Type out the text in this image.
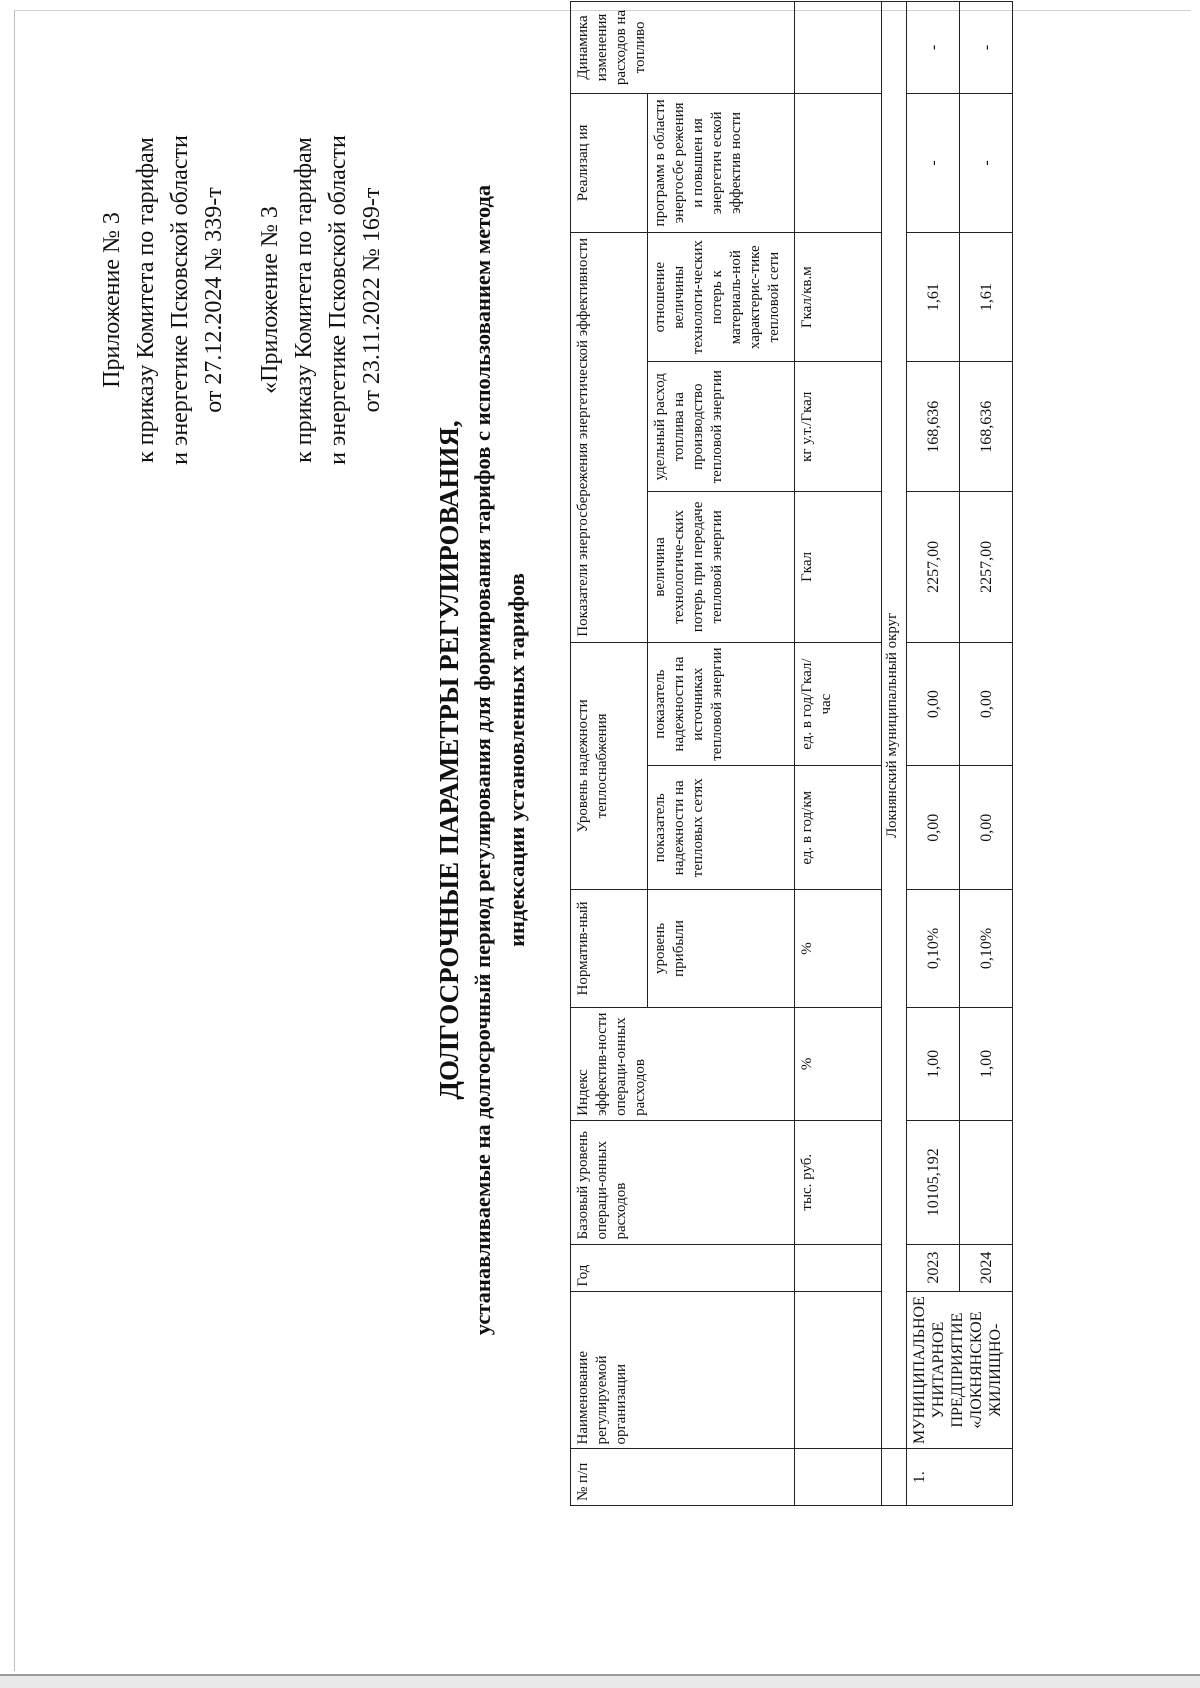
Приложение № 3 к приказу Комитета по тарифам и энергетике Псковской области от 27.12.2024 № 339-т «Приложение № 3 к приказу Комитета по тарифам и энергетике Псковской области от 23.11.2022 № 169-т
ДОЛГОСРОЧНЫЕ ПАРАМЕТРЫ РЕГУЛИРОВАНИЯ, устанавливаемые на долгосрочный период регулирования для формирования тарифов с использованием метода индексации установленных тарифов
№ п/п	Наименование регулируемой организации	Год	Базовый уровень операци-онных расходов	Индекс эффектив-ности операци-онных расходов	Норматив-ный	Уровень надежности теплоснабжения		Показатели энергосбережения энергетической эффективности			Реализац ия	Динамика изменения расходов на топливо
					уровень прибыли	показатель надежности на тепловых сетях	показатель надежности на источниках тепловой энергии	величина технологиче-ских потерь при передаче тепловой энергии	удельный расход топлива на производство тепловой энергии	отношение величины технологи-ческих потерь к материаль-ной характерис-тике тепловой сети	программ в области энергосбе режения и повышен ия энергетич еской эффектив ности	
			тыс. руб.	%	%	ед. в год/км	ед. в год/Гкал/ час	Гкал	кг у.т./Гкал	Гкал/кв.м		
	Локнянский муниципальный округ											
1.	МУНИЦИПАЛЬНОЕ УНИТАРНОЕ ПРЕДПРИЯТИЕ «ЛОКНЯНСКОЕ ЖИЛИЩНО-	2023	10105,192	1,00	0,10%	0,00	0,00	2257,00	168,636	1,61	-	-
		2024		1,00	0,10%	0,00	0,00	2257,00	168,636	1,61	-	-
